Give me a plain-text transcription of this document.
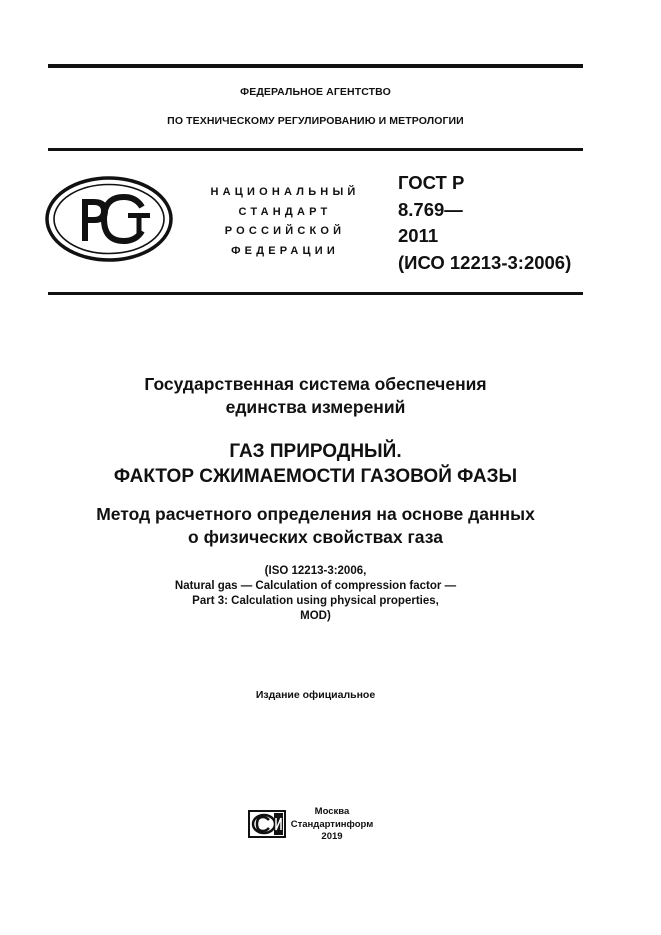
ФЕДЕРАЛЬНОЕ АГЕНТСТВО
ПО ТЕХНИЧЕСКОМУ РЕГУЛИРОВАНИЮ И МЕТРОЛОГИИ
НАЦИОНАЛЬНЫЙ
СТАНДАРТ
РОССИЙСКОЙ
ФЕДЕРАЦИИ
ГОСТ Р
8.769—
2011
(ИСО 12213-3:2006)
Государственная система обеспечения
единства измерений
ГАЗ ПРИРОДНЫЙ.
ФАКТОР СЖИМАЕМОСТИ ГАЗОВОЙ ФАЗЫ
Метод расчетного определения на основе данных
о физических свойствах газа
(ISO 12213-3:2006,
Natural gas — Calculation of compression factor —
Part 3: Calculation using physical properties,
MOD)
Издание официальное
Москва
Стандартинформ
2019
